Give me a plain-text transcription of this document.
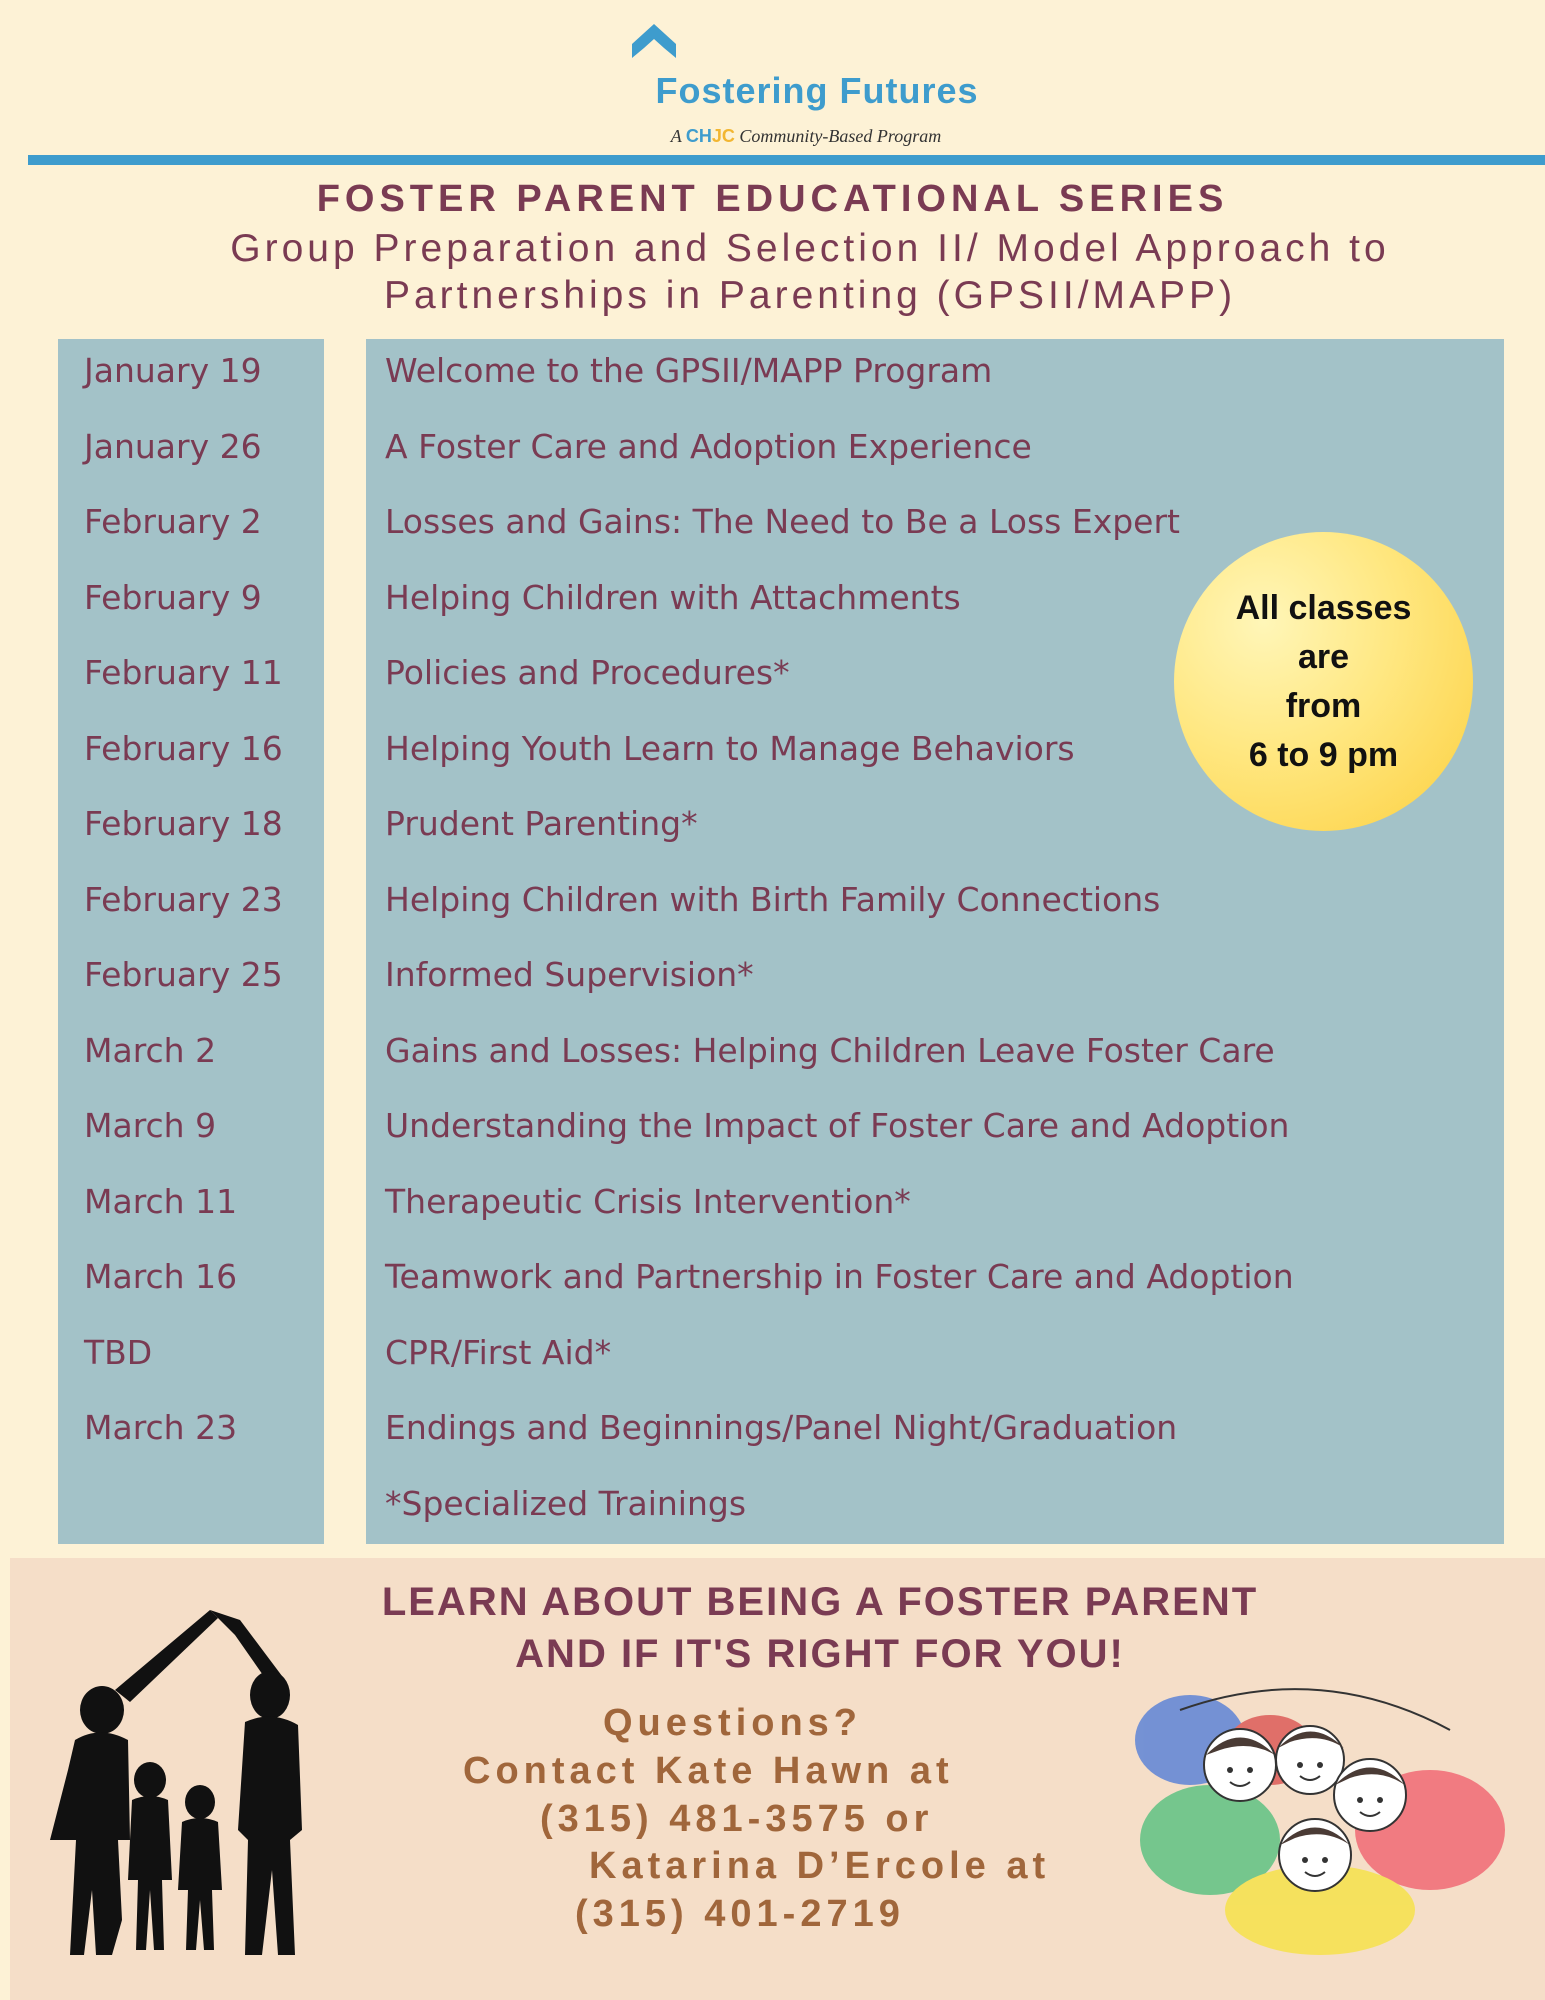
Fostering Futures
A CHJC Community-Based Program
FOSTER PARENT EDUCATIONAL SERIES
Group Preparation and Selection II/ Model Approach to
Partnerships in Parenting (GPSII/MAPP)
January 19
January 26
February 2
February 9
February 11
February 16
February 18
February 23
February 25
March 2
March 9
March 11
March 16
TBD
March 23
Welcome to the GPSII/MAPP Program
A Foster Care and Adoption Experience
Losses and Gains: The Need to Be a Loss Expert
Helping Children with Attachments
Policies and Procedures*
Helping Youth Learn to Manage Behaviors
Prudent Parenting*
Helping Children with Birth Family Connections
Informed Supervision*
Gains and Losses: Helping Children Leave Foster Care
Understanding the Impact of Foster Care and Adoption
Therapeutic Crisis Intervention*
Teamwork and Partnership in Foster Care and Adoption
CPR/First Aid*
Endings and Beginnings/Panel Night/Graduation
*Specialized Trainings
All classes
are
from
6 to 9 pm
LEARN ABOUT BEING A FOSTER PARENT
AND IF IT'S RIGHT FOR YOU!
Questions?
Contact Kate Hawn at
(315) 481-3575 or
Katarina D’Ercole at
(315) 401-2719
